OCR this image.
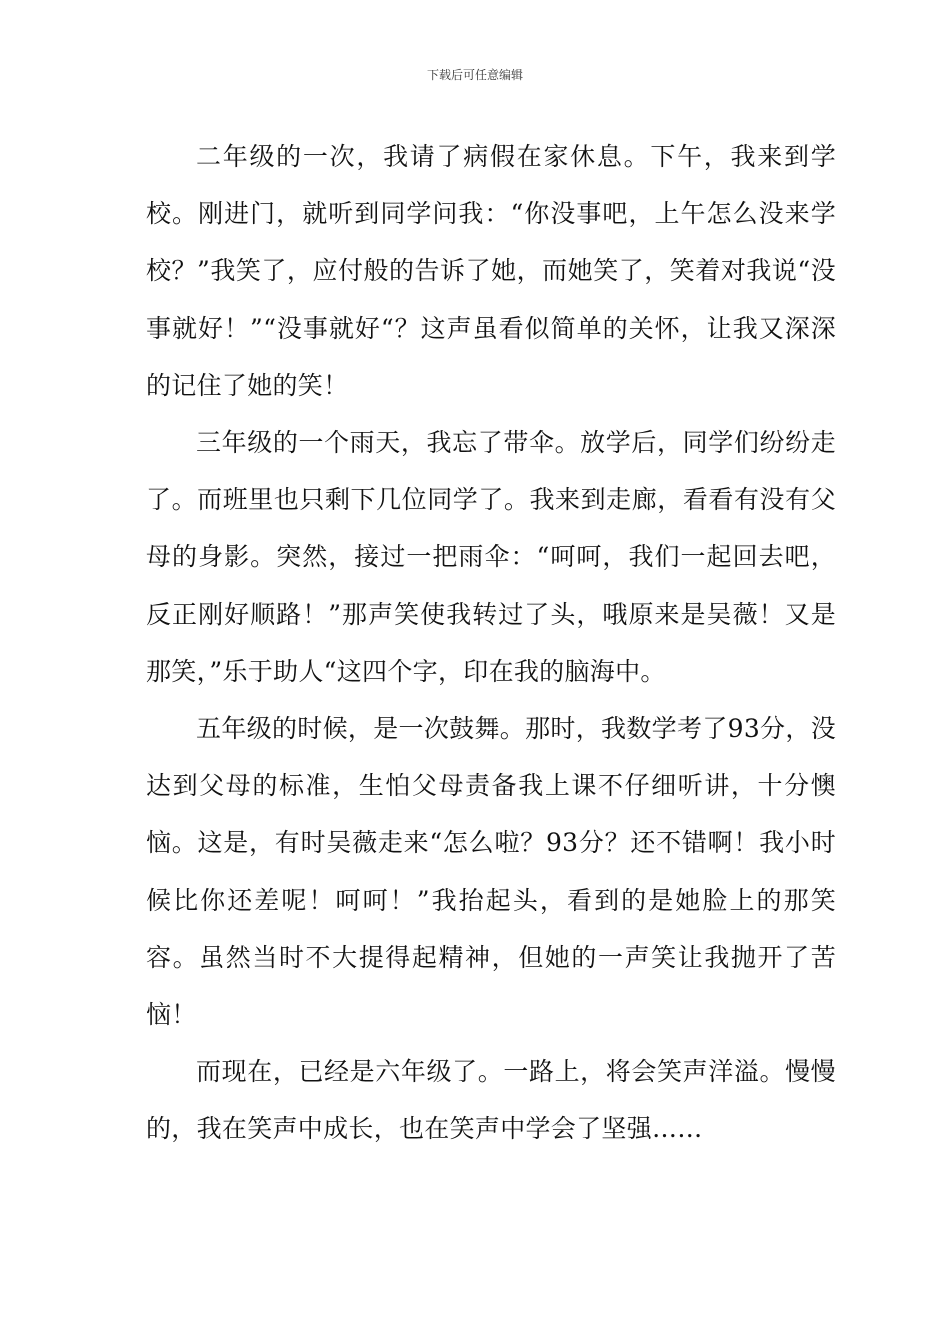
下载后可任意编辑

二年级的一次，我请了病假在家休息。下午，我来到学校。刚进门，就听到同学问我：“你没事吧，上午怎么没来学校？”我笑了，应付般的告诉了她，而她笑了，笑着对我说“没事就好！”“没事就好“？这声虽看似简单的关怀，让我又深深的记住了她的笑！

三年级的一个雨天，我忘了带伞。放学后，同学们纷纷走了。而班里也只剩下几位同学了。我来到走廊，看看有没有父母的身影。突然，接过一把雨伞：“呵呵，我们一起回去吧，反正刚好顺路！”那声笑使我转过了头，哦原来是吴薇！又是那笑，”乐于助人“这四个字，印在我的脑海中。

五年级的时候，是一次鼓舞。那时，我数学考了93分，没达到父母的标准，生怕父母责备我上课不仔细听讲，十分懊恼。这是，有时吴薇走来“怎么啦？93分？还不错啊！我小时候比你还差呢！呵呵！”我抬起头，看到的是她脸上的那笑容。虽然当时不大提得起精神，但她的一声笑让我抛开了苦恼！

而现在，已经是六年级了。一路上，将会笑声洋溢。慢慢的，我在笑声中成长，也在笑声中学会了坚强……
